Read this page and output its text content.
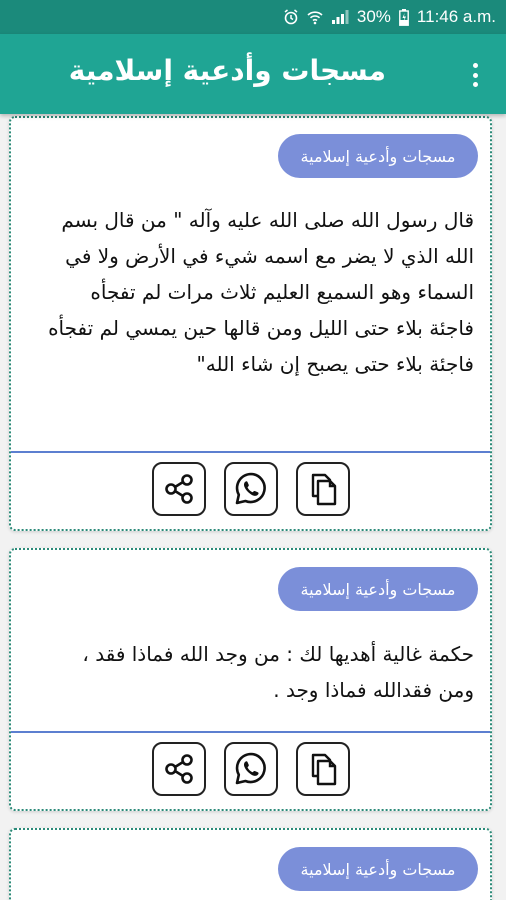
30% 11:46 a.m.
مسجات وأدعية إسلامية
مسجات وأدعية إسلامية
قال رسول الله صلى الله عليه وآله " من قال بسم الله الذي لا يضر مع اسمه شيء في الأرض ولا في السماء وهو السميع العليم ثلاث مرات لم تفجأه فاجئة بلاء حتى الليل ومن قالها حين يمسي لم تفجأه فاجئة بلاء حتى يصبح إن شاء الله"
مسجات وأدعية إسلامية
حكمة غالية أهديها لك : من وجد الله فماذا فقد ، ومن فقدالله فماذا وجد .
مسجات وأدعية إسلامية
